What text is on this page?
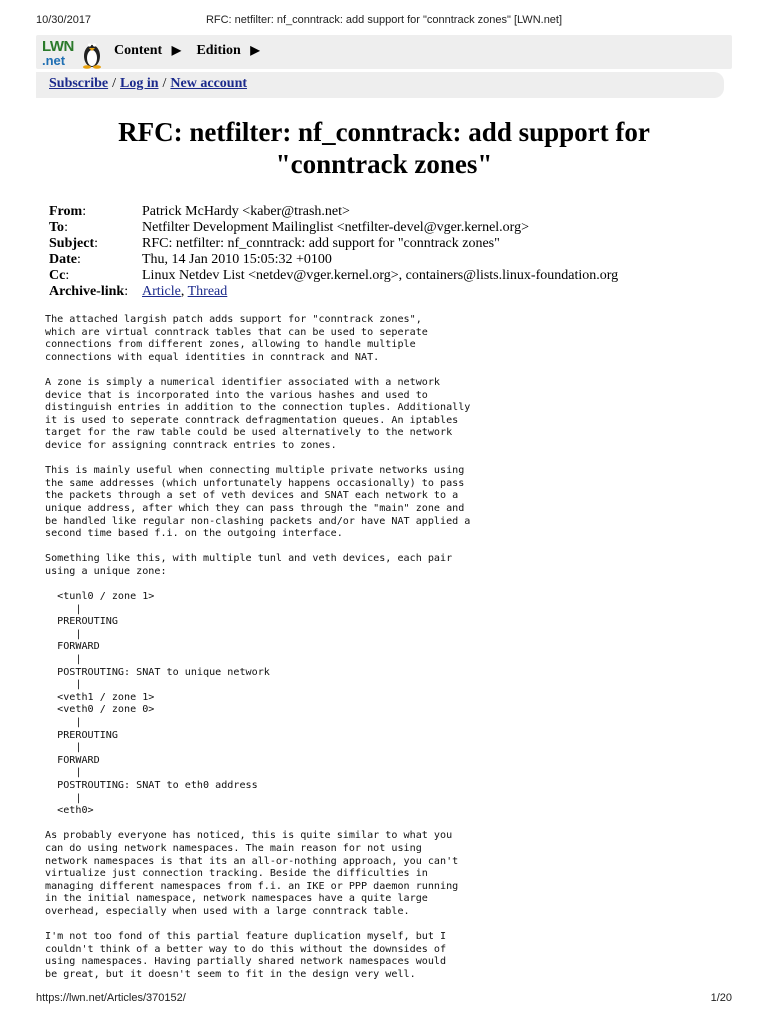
10/30/2017	RFC: netfilter: nf_conntrack: add support for "conntrack zones" [LWN.net]
LWN
.net
Content ▶ Edition ▶
Subscribe / Log in / New account
RFC: netfilter: nf_conntrack: add support for
"conntrack zones"
From:	Patrick McHardy <kaber@trash.net>
To:	Netfilter Development Mailinglist <netfilter-devel@vger.kernel.org>
Subject:	RFC: netfilter: nf_conntrack: add support for "conntrack zones"
Date:	Thu, 14 Jan 2010 15:05:32 +0100
Cc:	Linux Netdev List <netdev@vger.kernel.org>, containers@lists.linux-foundation.org
Archive-link: Article, Thread
The attached largish patch adds support for "conntrack zones",
which are virtual conntrack tables that can be used to seperate
connections from different zones, allowing to handle multiple
connections with equal identities in conntrack and NAT.

A zone is simply a numerical identifier associated with a network
device that is incorporated into the various hashes and used to
distinguish entries in addition to the connection tuples. Additionally
it is used to seperate conntrack defragmentation queues. An iptables
target for the raw table could be used alternatively to the network
device for assigning conntrack entries to zones.

This is mainly useful when connecting multiple private networks using
the same addresses (which unfortunately happens occasionally) to pass
the packets through a set of veth devices and SNAT each network to a
unique address, after which they can pass through the "main" zone and
be handled like regular non-clashing packets and/or have NAT applied a
second time based f.i. on the outgoing interface.

Something like this, with multiple tunl and veth devices, each pair
using a unique zone:

<tunl0 / zone 1>
|
PREROUTING
|
FORWARD
|
POSTROUTING: SNAT to unique network
|
<veth1 / zone 1>
<veth0 / zone 0>
|
PREROUTING
|
FORWARD
|
POSTROUTING: SNAT to eth0 address
|
<eth0>

As probably everyone has noticed, this is quite similar to what you
can do using network namespaces. The main reason for not using
network namespaces is that its an all-or-nothing approach, you can't
virtualize just connection tracking. Beside the difficulties in
managing different namespaces from f.i. an IKE or PPP daemon running
in the initial namespace, network namespaces have a quite large
overhead, especially when used with a large conntrack table.

I'm not too fond of this partial feature duplication myself, but I
couldn't think of a better way to do this without the downsides of
using namespaces. Having partially shared network namespaces would
be great, but it doesn't seem to fit in the design very well.
https://lwn.net/Articles/370152/	1/20
